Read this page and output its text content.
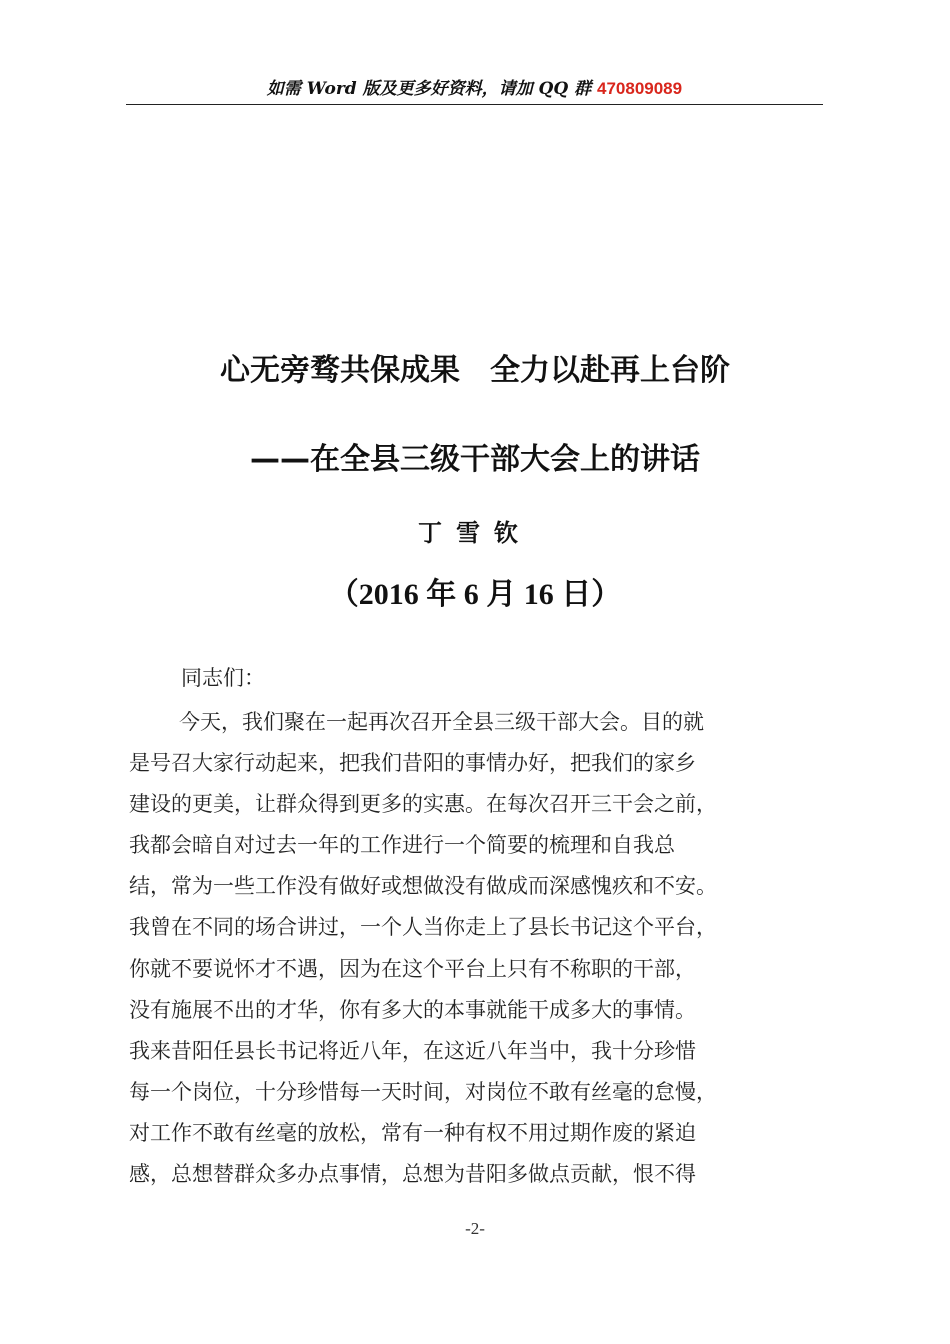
如需 Word 版及更多好资料，请加 QQ 群 470809089
心无旁骛共保成果　全力以赴再上台阶
——在全县三级干部大会上的讲话
丁雪钦
（2016 年 6 月 16 日）
同志们：
今天，我们聚在一起再次召开全县三级干部大会。目的就
是号召大家行动起来，把我们昔阳的事情办好，把我们的家乡
建设的更美，让群众得到更多的实惠。在每次召开三干会之前，
我都会暗自对过去一年的工作进行一个简要的梳理和自我总
结，常为一些工作没有做好或想做没有做成而深感愧疚和不安。
我曾在不同的场合讲过，一个人当你走上了县长书记这个平台，
你就不要说怀才不遇，因为在这个平台上只有不称职的干部，
没有施展不出的才华，你有多大的本事就能干成多大的事情。
我来昔阳任县长书记将近八年，在这近八年当中，我十分珍惜
每一个岗位，十分珍惜每一天时间，对岗位不敢有丝毫的怠慢，
对工作不敢有丝毫的放松，常有一种有权不用过期作废的紧迫
感，总想替群众多办点事情，总想为昔阳多做点贡献，恨不得
-2-
